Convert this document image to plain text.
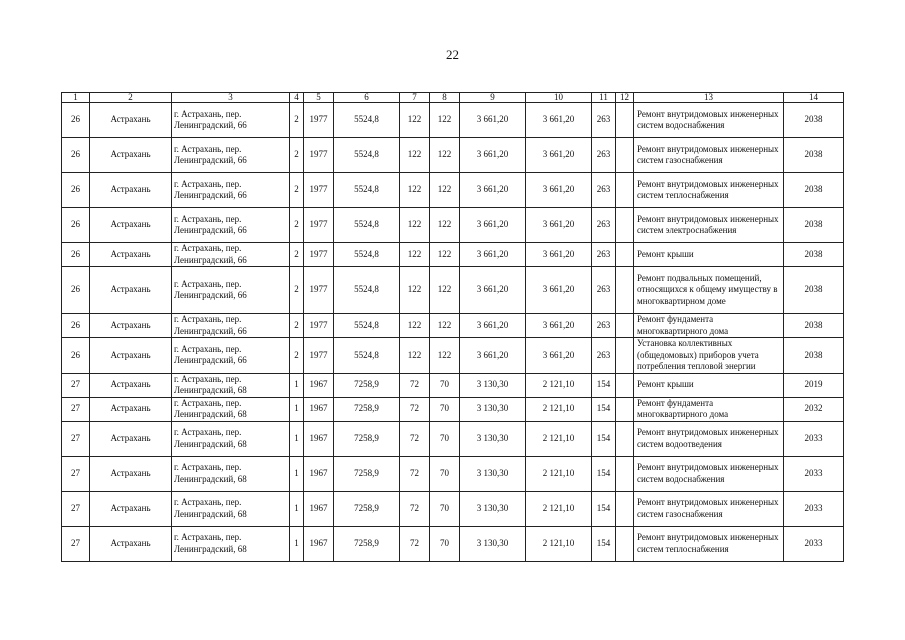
22
1	2	3	4	5	6	7	8	9	10	11	12	13	14
26	Астрахань	г. Астрахань, пер. Ленинградский, 66	2	1977	5524,8	122	122	3 661,20	3 661,20	263		Ремонт внутридомовых инженерных систем водоснабжения	2038
26	Астрахань	г. Астрахань, пер. Ленинградский, 66	2	1977	5524,8	122	122	3 661,20	3 661,20	263		Ремонт внутридомовых инженерных систем газоснабжения	2038
26	Астрахань	г. Астрахань, пер. Ленинградский, 66	2	1977	5524,8	122	122	3 661,20	3 661,20	263		Ремонт внутридомовых инженерных систем теплоснабжения	2038
26	Астрахань	г. Астрахань, пер. Ленинградский, 66	2	1977	5524,8	122	122	3 661,20	3 661,20	263		Ремонт внутридомовых инженерных систем электроснабжения	2038
26	Астрахань	г. Астрахань, пер. Ленинградский, 66	2	1977	5524,8	122	122	3 661,20	3 661,20	263		Ремонт крыши	2038
26	Астрахань	г. Астрахань, пер. Ленинградский, 66	2	1977	5524,8	122	122	3 661,20	3 661,20	263		Ремонт подвальных помещений, относящихся к общему имуществу в многоквартирном доме	2038
26	Астрахань	г. Астрахань, пер. Ленинградский, 66	2	1977	5524,8	122	122	3 661,20	3 661,20	263		Ремонт фундамента многоквартирного дома	2038
26	Астрахань	г. Астрахань, пер. Ленинградский, 66	2	1977	5524,8	122	122	3 661,20	3 661,20	263		Установка коллективных (общедомовых) приборов учета потребления тепловой энергии	2038
27	Астрахань	г. Астрахань, пер. Ленинградский, 68	1	1967	7258,9	72	70	3 130,30	2 121,10	154		Ремонт крыши	2019
27	Астрахань	г. Астрахань, пер. Ленинградский, 68	1	1967	7258,9	72	70	3 130,30	2 121,10	154		Ремонт фундамента многоквартирного дома	2032
27	Астрахань	г. Астрахань, пер. Ленинградский, 68	1	1967	7258,9	72	70	3 130,30	2 121,10	154		Ремонт внутридомовых инженерных систем водоотведения	2033
27	Астрахань	г. Астрахань, пер. Ленинградский, 68	1	1967	7258,9	72	70	3 130,30	2 121,10	154		Ремонт внутридомовых инженерных систем водоснабжения	2033
27	Астрахань	г. Астрахань, пер. Ленинградский, 68	1	1967	7258,9	72	70	3 130,30	2 121,10	154		Ремонт внутридомовых инженерных систем газоснабжения	2033
27	Астрахань	г. Астрахань, пер. Ленинградский, 68	1	1967	7258,9	72	70	3 130,30	2 121,10	154		Ремонт внутридомовых инженерных систем теплоснабжения	2033
